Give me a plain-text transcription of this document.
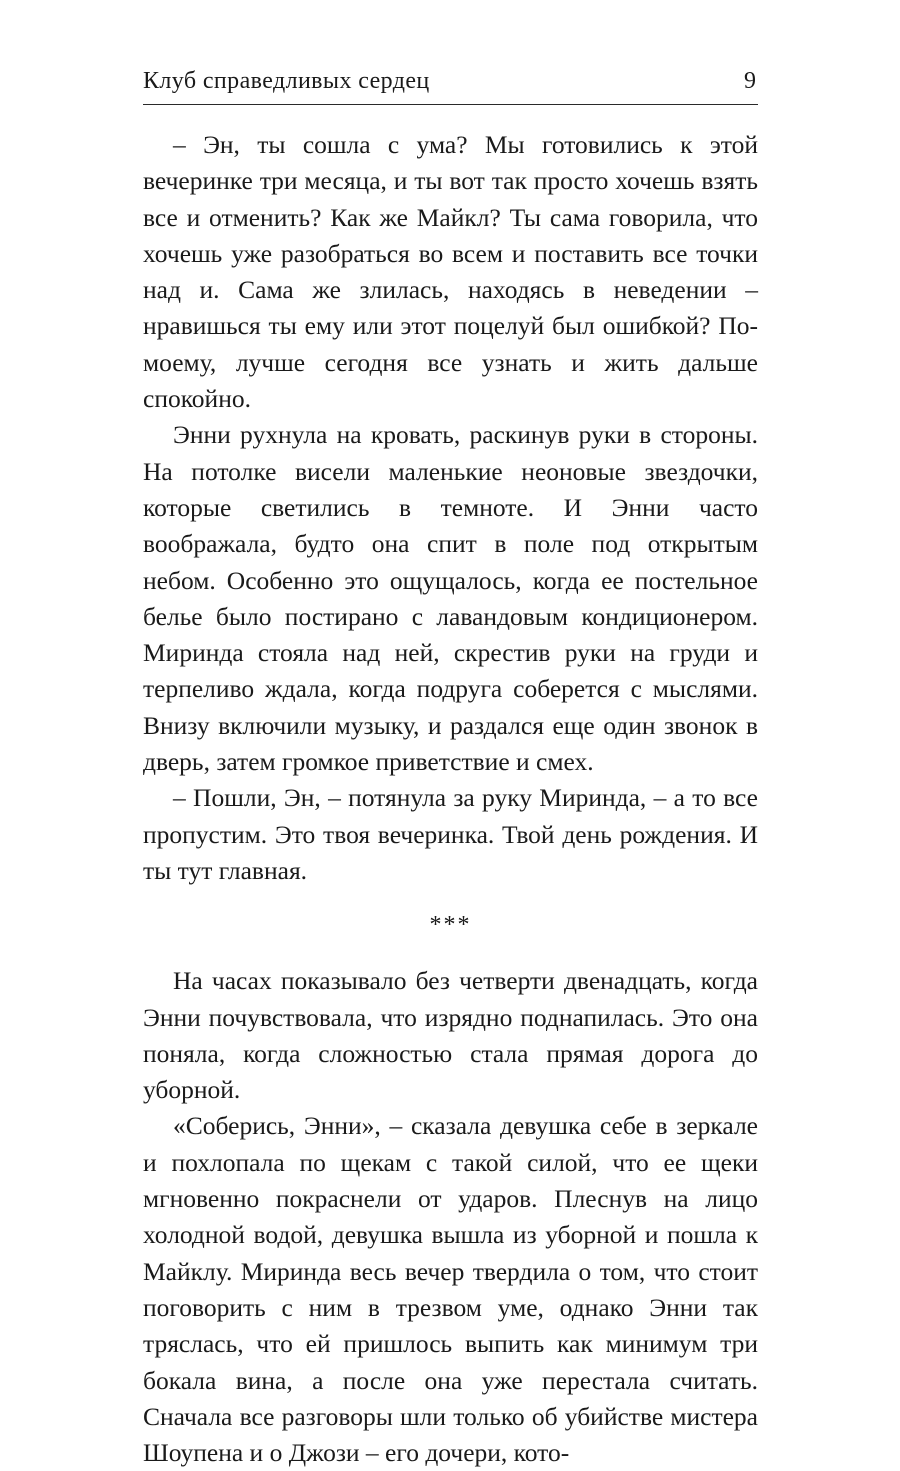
Клуб справедливых сердец	9

– Эн, ты сошла с ума? Мы готовились к этой вечеринке три месяца, и ты вот так просто хочешь взять все и отменить? Как же Майкл? Ты сама говорила, что хочешь уже разобраться во всем и поставить все точки над и. Сама же злилась, находясь в неведении – нравишься ты ему или этот поцелуй был ошибкой? По-моему, лучше сегодня все узнать и жить дальше спокойно.

Энни рухнула на кровать, раскинув руки в стороны. На потолке висели маленькие неоновые звездочки, которые светились в темноте. И Энни часто воображала, будто она спит в поле под открытым небом. Особенно это ощущалось, когда ее постельное белье было постирано с лавандовым кондиционером. Миринда стояла над ней, скрестив руки на груди и терпеливо ждала, когда подруга соберется с мыслями. Внизу включили музыку, и раздался еще один звонок в дверь, затем громкое приветствие и смех.

– Пошли, Эн, – потянула за руку Миринда, – а то все пропустим. Это твоя вечеринка. Твой день рождения. И ты тут главная.

***

На часах показывало без четверти двенадцать, когда Энни почувствовала, что изрядно поднапилась. Это она поняла, когда сложностью стала прямая дорога до уборной.

«Соберись, Энни», – сказала девушка себе в зеркале и похлопала по щекам с такой силой, что ее щеки мгновенно покраснели от ударов. Плеснув на лицо холодной водой, девушка вышла из уборной и пошла к Майклу. Миринда весь вечер твердила о том, что стоит поговорить с ним в трезвом уме, однако Энни так тряслась, что ей пришлось выпить как минимум три бокала вина, а после она уже перестала считать. Сначала все разговоры шли только об убийстве мистера Шоупена и о Джози – его дочери, кото-
